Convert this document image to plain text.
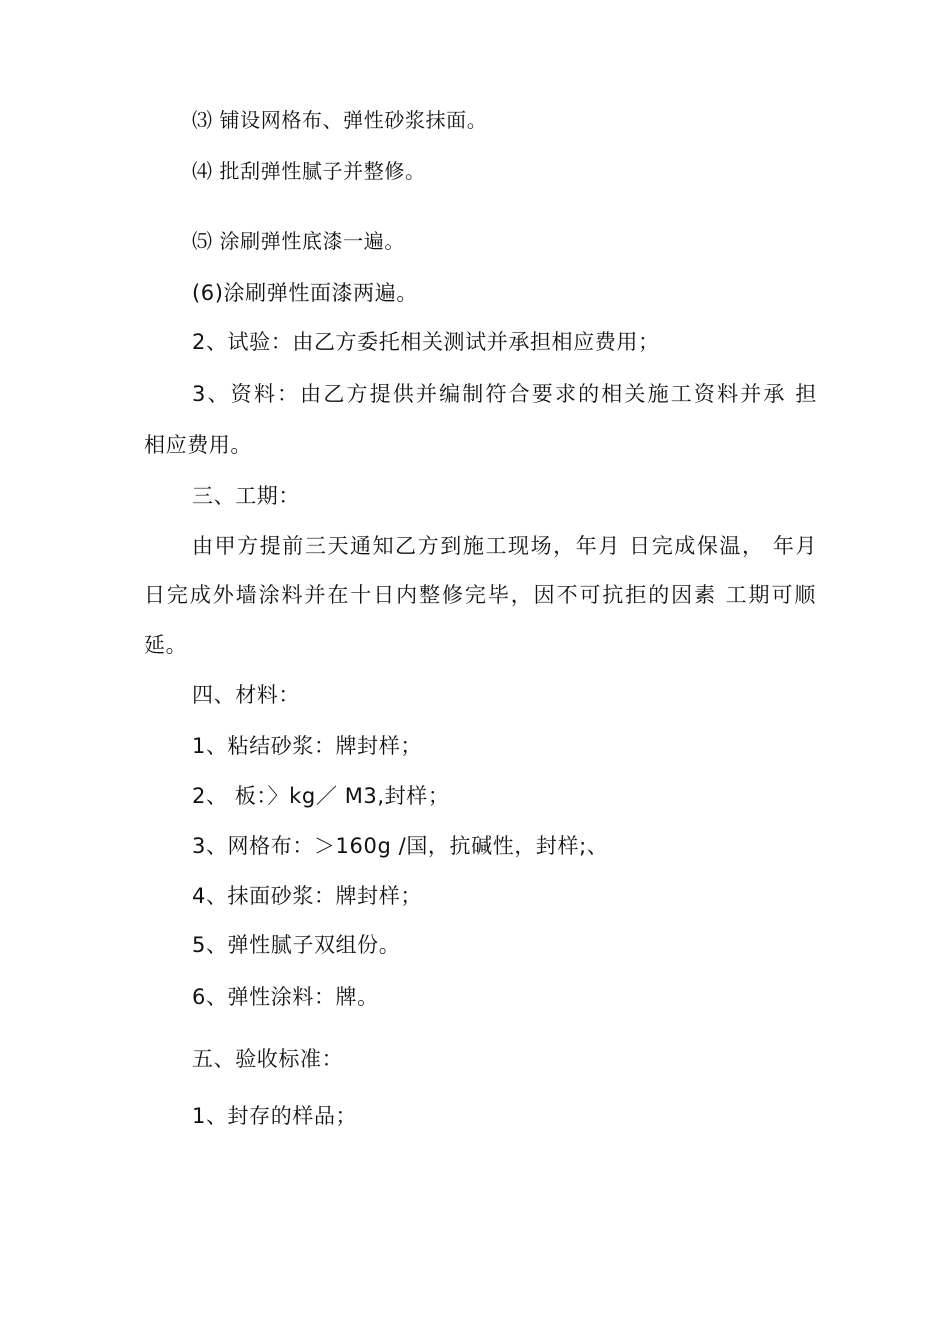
⑶ 铺设网格布、弹性砂浆抹面。
⑷ 批刮弹性腻子并整修。
⑸ 涂刷弹性底漆一遍。
(6)涂刷弹性面漆两遍。
2、试验：由乙方委托相关测试并承担相应费用；
3、资料：由乙方提供并编制符合要求的相关施工资料并承 担
相应费用。
三、工期：
由甲方提前三天通知乙方到施工现场，年月 日完成保温， 年月
日完成外墙涂料并在十日内整修完毕，因不可抗拒的因素 工期可顺
延。
四、材料：
1、粘结砂浆：牌封样；
2、 板：〉kg／ M3,封样；
3、网格布：＞160g /国，抗碱性，封样;、
4、抹面砂浆：牌封样；
5、弹性腻子双组份。
6、弹性涂料：牌。
五、验收标准：
1、封存的样品；
